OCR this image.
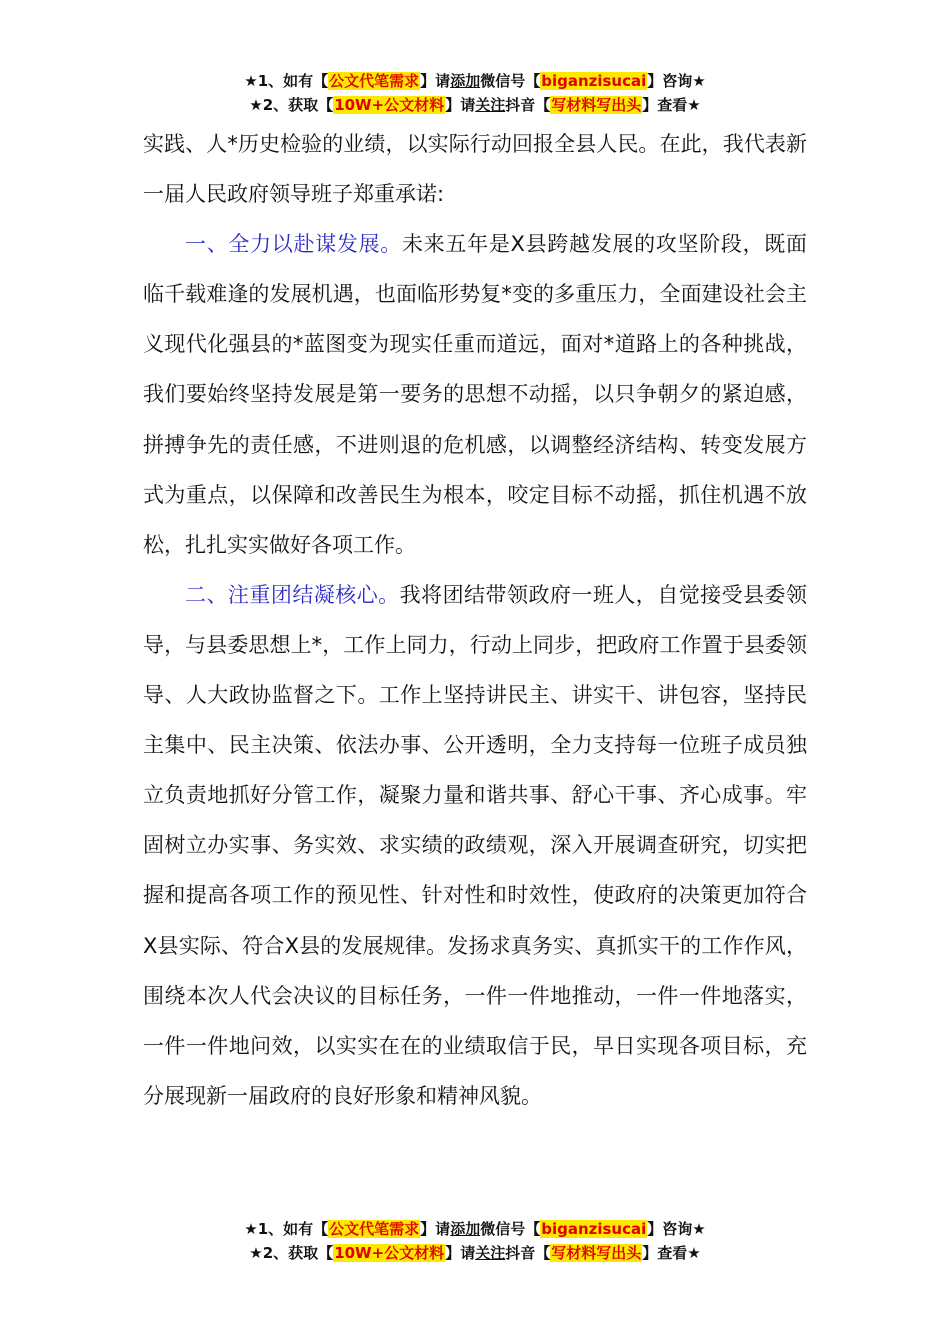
★1、如有【公文代笔需求】请添加微信号【biganzisucai】咨询★
★2、获取【10W+公文材料】请关注抖音【写材料写出头】查看★

实践、人*历史检验的业绩，以实际行动回报全县人民。在此，我代表新一届人民政府领导班子郑重承诺:

一、全力以赴谋发展。未来五年是X县跨越发展的攻坚阶段，既面临千载难逢的发展机遇，也面临形势复*变的多重压力，全面建设社会主义现代化强县的*蓝图变为现实任重而道远，面对*道路上的各种挑战，我们要始终坚持发展是第一要务的思想不动摇，以只争朝夕的紧迫感，拼搏争先的责任感，不进则退的危机感，以调整经济结构、转变发展方式为重点，以保障和改善民生为根本，咬定目标不动摇，抓住机遇不放松，扎扎实实做好各项工作。

二、注重团结凝核心。我将团结带领政府一班人，自觉接受县委领导，与县委思想上*，工作上同力，行动上同步，把政府工作置于县委领导、人大政协监督之下。工作上坚持讲民主、讲实干、讲包容，坚持民主集中、民主决策、依法办事、公开透明，全力支持每一位班子成员独立负责地抓好分管工作，凝聚力量和谐共事、舒心干事、齐心成事。牢固树立办实事、务实效、求实绩的政绩观，深入开展调查研究，切实把握和提高各项工作的预见性、针对性和时效性，使政府的决策更加符合X县实际、符合X县的发展规律。发扬求真务实、真抓实干的工作作风，围绕本次人代会决议的目标任务，一件一件地推动，一件一件地落实，一件一件地问效，以实实在在的业绩取信于民，早日实现各项目标，充分展现新一届政府的良好形象和精神风貌。

★1、如有【公文代笔需求】请添加微信号【biganzisucai】咨询★
★2、获取【10W+公文材料】请关注抖音【写材料写出头】查看★
